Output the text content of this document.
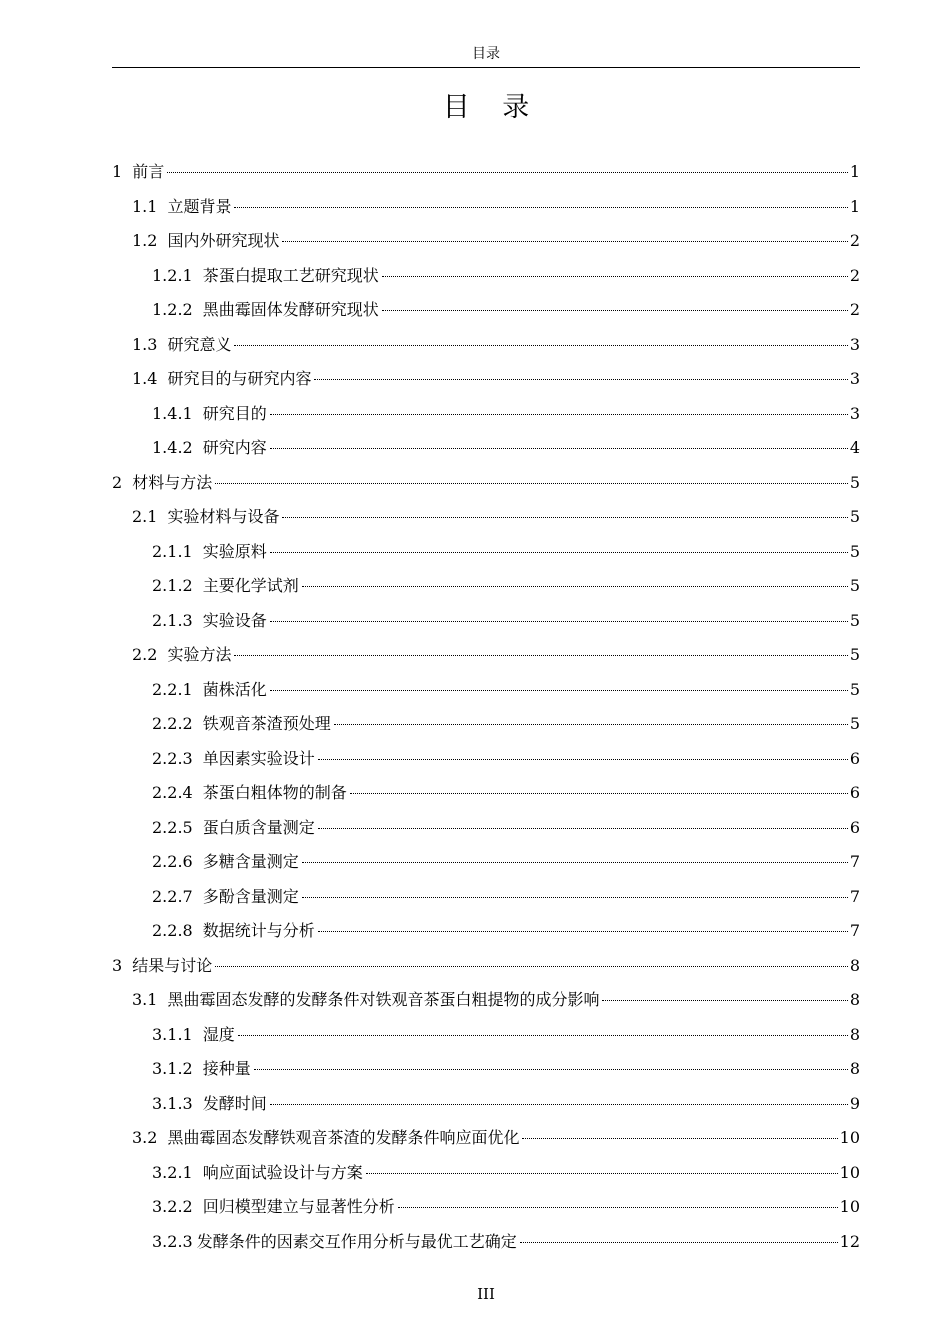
目录
目 录
1 前言	1
1.1 立题背景	1
1.2 国内外研究现状	2
1.2.1 茶蛋白提取工艺研究现状	2
1.2.2 黑曲霉固体发酵研究现状	2
1.3 研究意义	3
1.4 研究目的与研究内容	3
1.4.1 研究目的	3
1.4.2 研究内容	4
2 材料与方法	5
2.1 实验材料与设备	5
2.1.1 实验原料	5
2.1.2 主要化学试剂	5
2.1.3 实验设备	5
2.2 实验方法	5
2.2.1 菌株活化	5
2.2.2 铁观音茶渣预处理	5
2.2.3 单因素实验设计	6
2.2.4 茶蛋白粗体物的制备	6
2.2.5 蛋白质含量测定	6
2.2.6 多糖含量测定	7
2.2.7 多酚含量测定	7
2.2.8 数据统计与分析	7
3 结果与讨论	8
3.1 黑曲霉固态发酵的发酵条件对铁观音茶蛋白粗提物的成分影响	8
3.1.1 湿度	8
3.1.2 接种量	8
3.1.3 发酵时间	9
3.2 黑曲霉固态发酵铁观音茶渣的发酵条件响应面优化	10
3.2.1 响应面试验设计与方案	10
3.2.2 回归模型建立与显著性分析	10
3.2.3 发酵条件的因素交互作用分析与最优工艺确定	12
III
